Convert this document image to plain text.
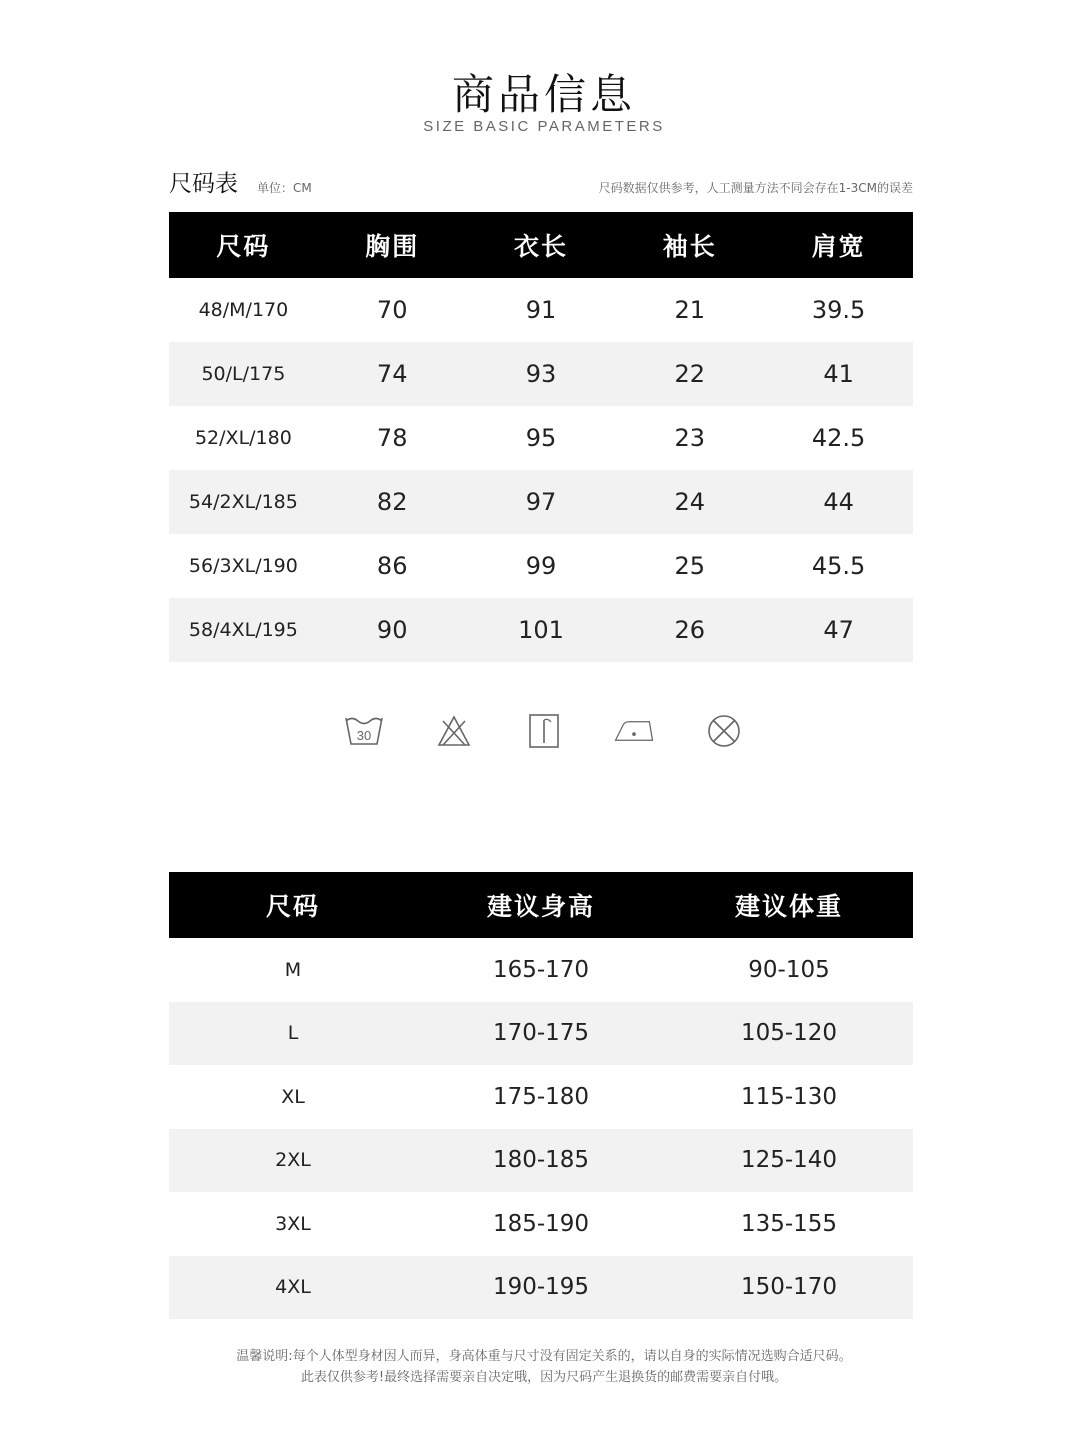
商品信息
SIZE BASIC PARAMETERS
尺码表 单位：CM	尺码数据仅供参考，人工测量方法不同会存在1-3CM的误差
尺码	胸围	衣长	袖长	肩宽
48/M/170	70	91	21	39.5
50/L/175	74	93	22	41
52/XL/180	78	95	23	42.5
54/2XL/185	82	97	24	44
56/3XL/190	86	99	25	45.5
58/4XL/195	90	101	26	47
30
尺码	建议身高	建议体重
M	165-170	90-105
L	170-175	105-120
XL	175-180	115-130
2XL	180-185	125-140
3XL	185-190	135-155
4XL	190-195	150-170
温馨说明:每个人体型身材因人而异，身高体重与尺寸没有固定关系的，请以自身的实际情况选购合适尺码。
此表仅供参考!最终选择需要亲自决定哦，因为尺码产生退换货的邮费需要亲自付哦。
